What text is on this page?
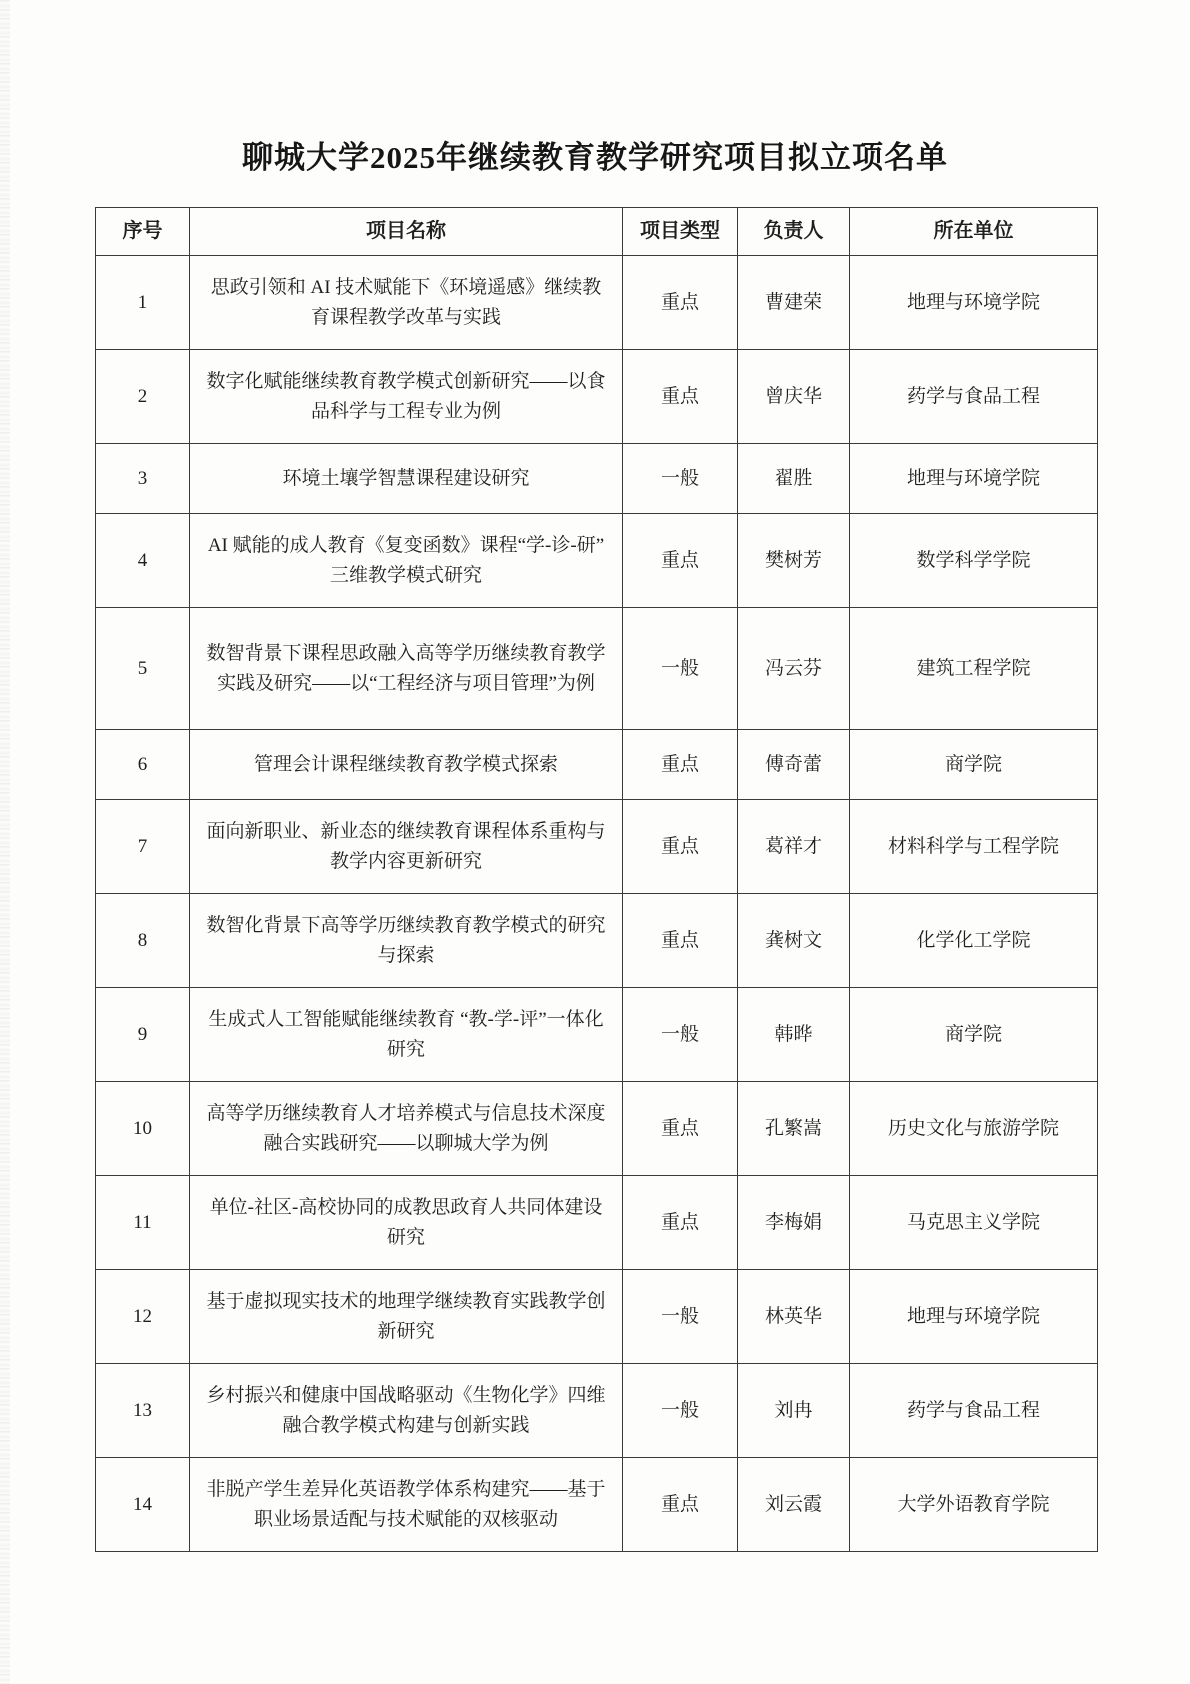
聊城大学2025年继续教育教学研究项目拟立项名单
序号	项目名称	项目类型	负责人	所在单位
1	思政引领和 AI 技术赋能下《环境遥感》继续教育课程教学改革与实践	重点	曹建荣	地理与环境学院
2	数字化赋能继续教育教学模式创新研究——以食品科学与工程专业为例	重点	曾庆华	药学与食品工程
3	环境土壤学智慧课程建设研究	一般	翟胜	地理与环境学院
4	AI 赋能的成人教育《复变函数》课程“学-诊-研”三维教学模式研究	重点	樊树芳	数学科学学院
5	数智背景下课程思政融入高等学历继续教育教学实践及研究——以“工程经济与项目管理”为例	一般	冯云芬	建筑工程学院
6	管理会计课程继续教育教学模式探索	重点	傅奇蕾	商学院
7	面向新职业、新业态的继续教育课程体系重构与教学内容更新研究	重点	葛祥才	材料科学与工程学院
8	数智化背景下高等学历继续教育教学模式的研究与探索	重点	龚树文	化学化工学院
9	生成式人工智能赋能继续教育 “教-学-评”一体化研究	一般	韩晔	商学院
10	高等学历继续教育人才培养模式与信息技术深度融合实践研究——以聊城大学为例	重点	孔繁嵩	历史文化与旅游学院
11	单位-社区-高校协同的成教思政育人共同体建设研究	重点	李梅娟	马克思主义学院
12	基于虚拟现实技术的地理学继续教育实践教学创新研究	一般	林英华	地理与环境学院
13	乡村振兴和健康中国战略驱动《生物化学》四维融合教学模式构建与创新实践	一般	刘冉	药学与食品工程
14	非脱产学生差异化英语教学体系构建究——基于职业场景适配与技术赋能的双核驱动	重点	刘云霞	大学外语教育学院
